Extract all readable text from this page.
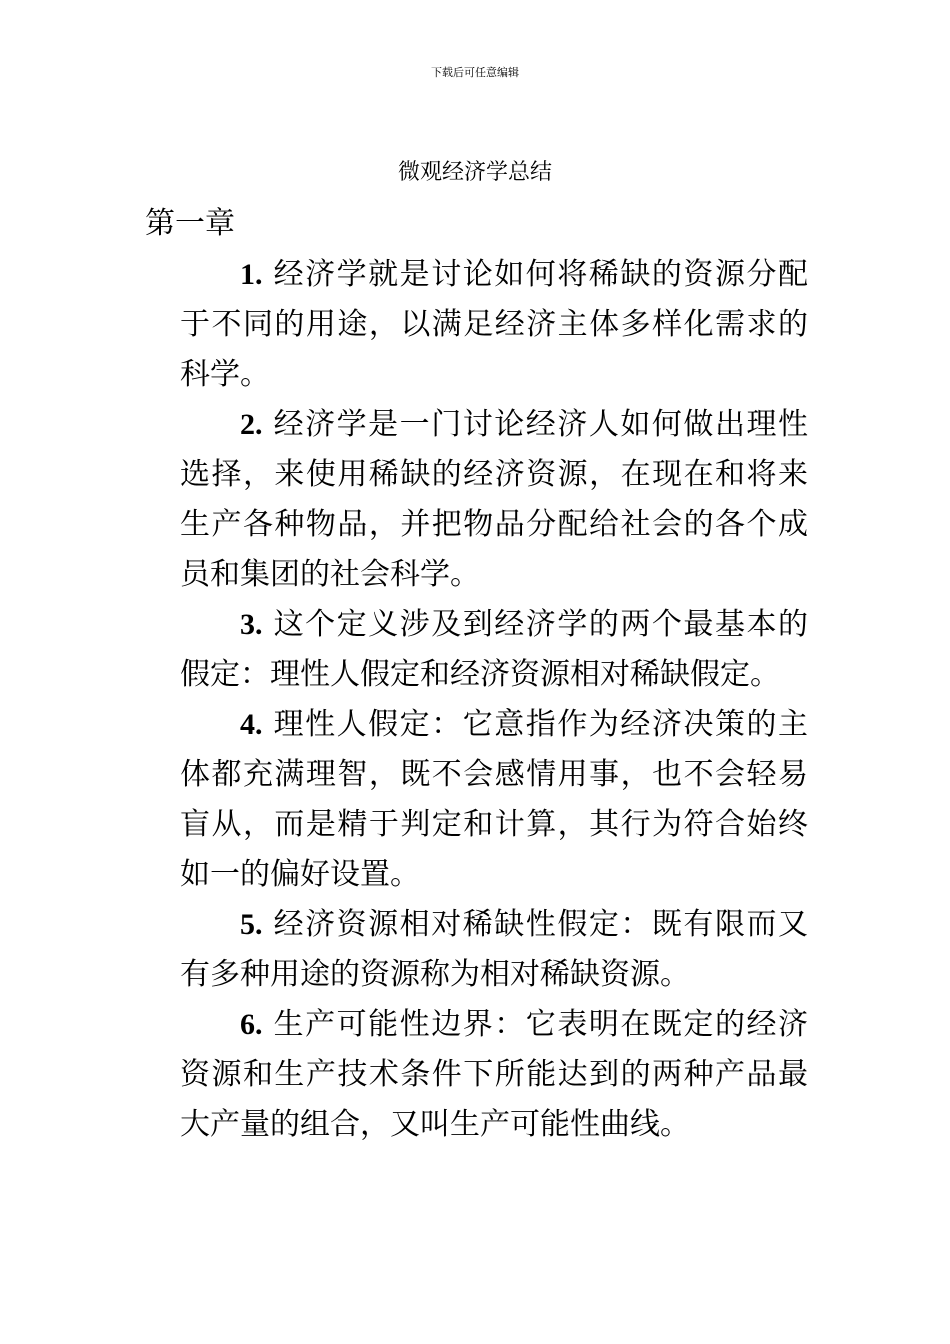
下载后可任意编辑
微观经济学总结
第一章

1. 经济学就是讨论如何将稀缺的资源分配于不同的用途，以满足经济主体多样化需求的科学。

2. 经济学是一门讨论经济人如何做出理性选择，来使用稀缺的经济资源，在现在和将来生产各种物品，并把物品分配给社会的各个成员和集团的社会科学。

3. 这个定义涉及到经济学的两个最基本的假定：理性人假定和经济资源相对稀缺假定。

4. 理性人假定：它意指作为经济决策的主体都充满理智，既不会感情用事，也不会轻易盲从，而是精于判定和计算，其行为符合始终如一的偏好设置。

5. 经济资源相对稀缺性假定：既有限而又有多种用途的资源称为相对稀缺资源。

6. 生产可能性边界：它表明在既定的经济资源和生产技术条件下所能达到的两种产品最大产量的组合，又叫生产可能性曲线。
